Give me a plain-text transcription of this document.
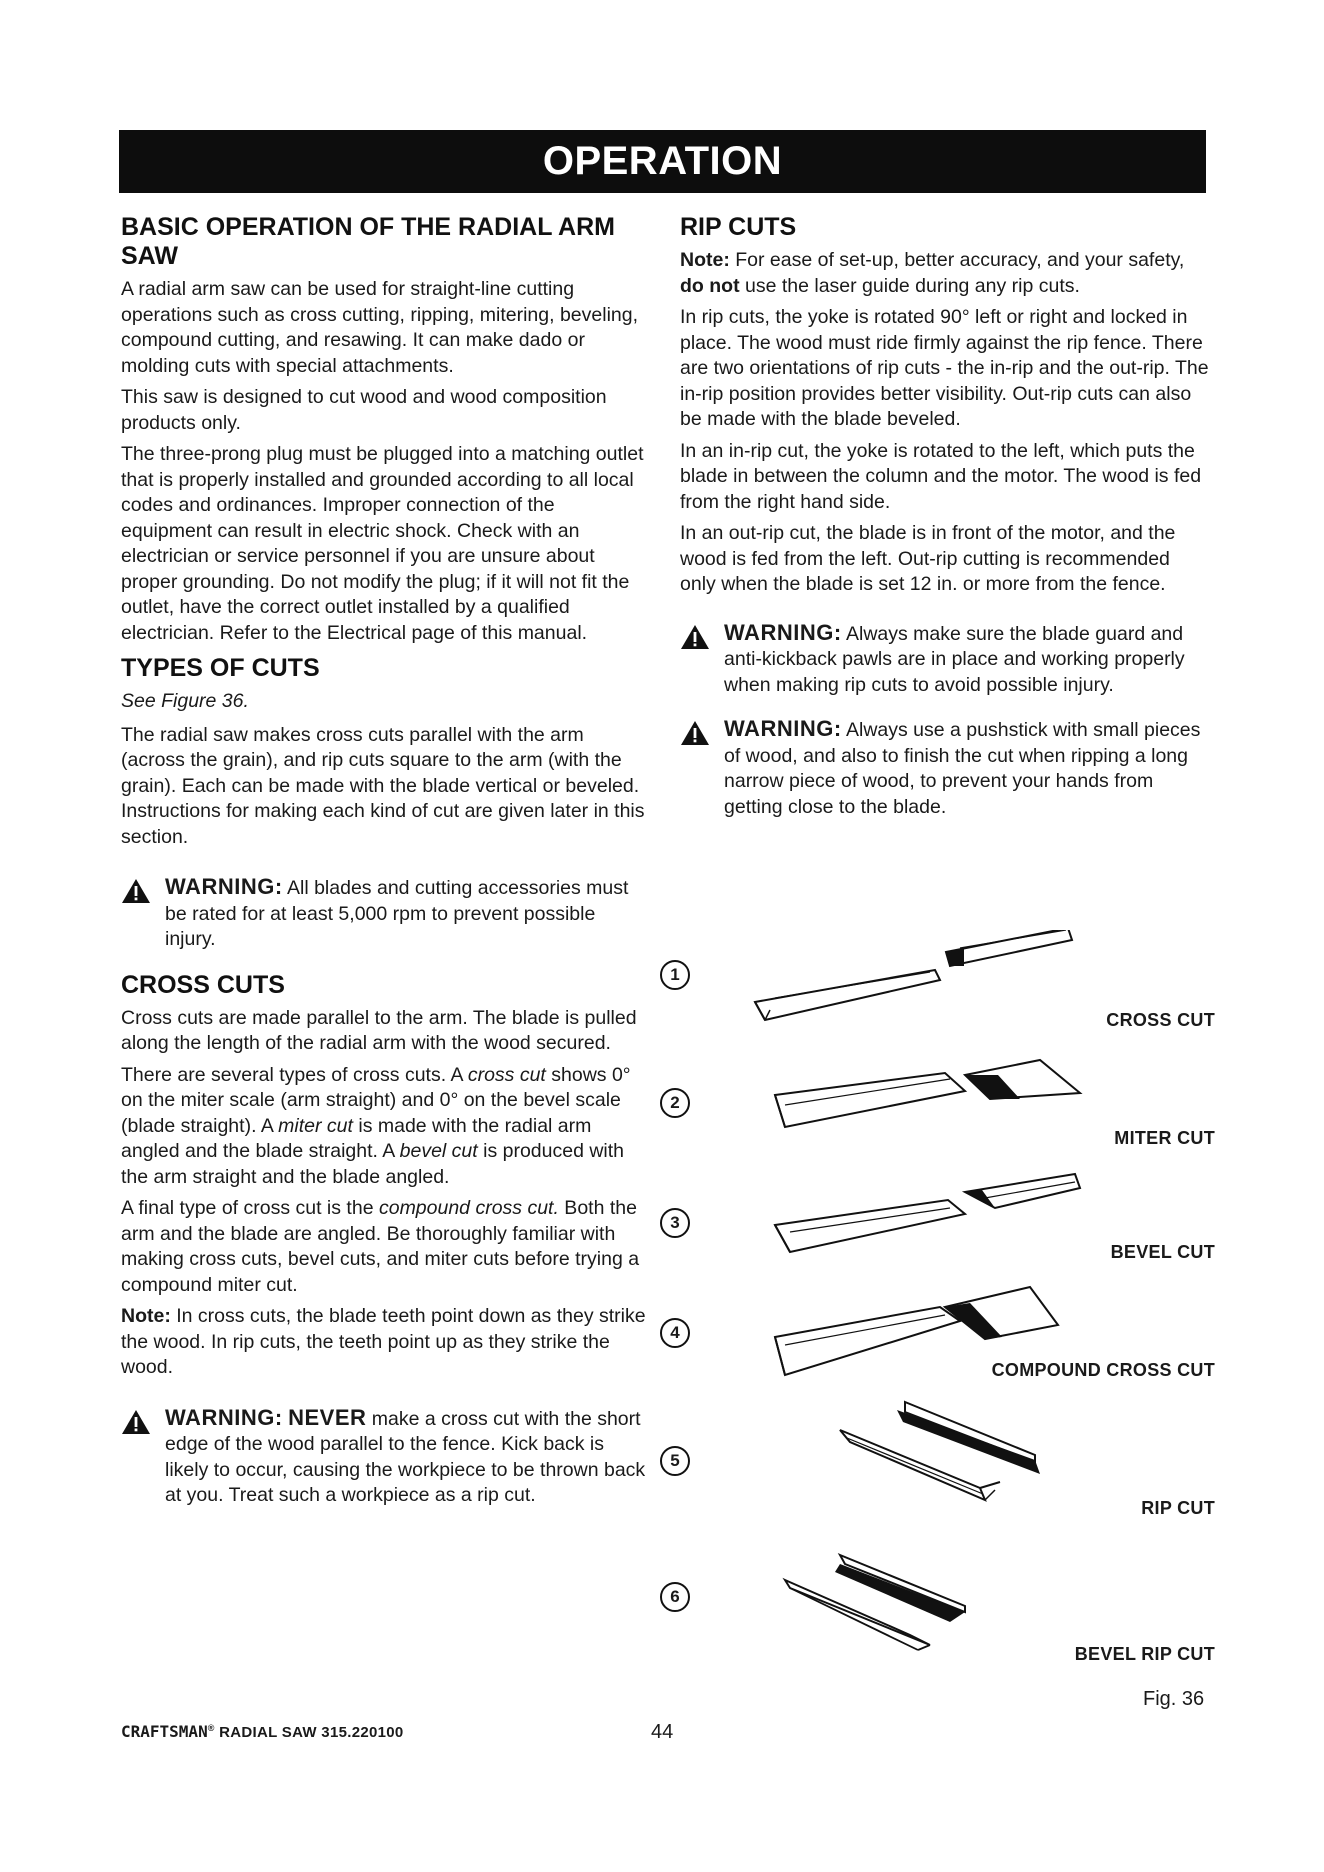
OPERATION
BASIC OPERATION OF THE RADIAL ARM SAW

A radial arm saw can be used for straight-line cutting operations such as cross cutting, ripping, mitering, beveling, compound cutting, and resawing. It can make dado or molding cuts with special attachments.

This saw is designed to cut wood and wood composition products only.

The three-prong plug must be plugged into a matching outlet that is properly installed and grounded according to all local codes and ordinances. Improper connection of the equipment can result in electric shock. Check with an electrician or service personnel if you are unsure about proper grounding. Do not modify the plug; if it will not fit the outlet, have the correct outlet installed by a qualified electrician. Refer to the Electrical page of this manual.

TYPES OF CUTS

See Figure 36.

The radial saw makes cross cuts parallel with the arm (across the grain), and rip cuts square to the arm (with the grain). Each can be made with the blade vertical or beveled. Instructions for making each kind of cut are given later in this section.

WARNING: All blades and cutting accessories must be rated for at least 5,000 rpm to prevent possible injury.
CROSS CUTS

Cross cuts are made parallel to the arm. The blade is pulled along the length of the radial arm with the wood secured.

There are several types of cross cuts. A cross cut shows 0° on the miter scale (arm straight) and 0° on the bevel scale (blade straight). A miter cut is made with the radial arm angled and the blade straight. A bevel cut is produced with the arm straight and the blade angled.

A final type of cross cut is the compound cross cut. Both the arm and the blade are angled. Be thoroughly familiar with making cross cuts, bevel cuts, and miter cuts before trying a compound miter cut.

Note: In cross cuts, the blade teeth point down as they strike the wood. In rip cuts, the teeth point up as they strike the wood.

WARNING: NEVER make a cross cut with the short edge of the wood parallel to the fence. Kick back is likely to occur, causing the workpiece to be thrown back at you. Treat such a workpiece as a rip cut.
RIP CUTS

Note: For ease of set-up, better accuracy, and your safety, do not use the laser guide during any rip cuts.

In rip cuts, the yoke is rotated 90° left or right and locked in place. The wood must ride firmly against the rip fence. There are two orientations of rip cuts - the in-rip and the out-rip. The in-rip position provides better visibility. Out-rip cuts can also be made with the blade beveled.

In an in-rip cut, the yoke is rotated to the left, which puts the blade in between the column and the motor. The wood is fed from the right hand side.

In an out-rip cut, the blade is in front of the motor, and the wood is fed from the left. Out-rip cutting is recommended only when the blade is set 12 in. or more from the fence.

WARNING: Always make sure the blade guard and anti-kickback pawls are in place and working properly when making rip cuts to avoid possible injury.
WARNING: Always use a pushstick with small pieces of wood, and also to finish the cut when ripping a long narrow piece of wood, to prevent your hands from getting close to the blade.
1
CROSS CUT
2
MITER CUT
3
BEVEL CUT
4
COMPOUND CROSS CUT
5
RIP CUT
6
BEVEL RIP CUT
Fig. 36
CRAFTSMAN® RADIAL SAW 315.220100	44
